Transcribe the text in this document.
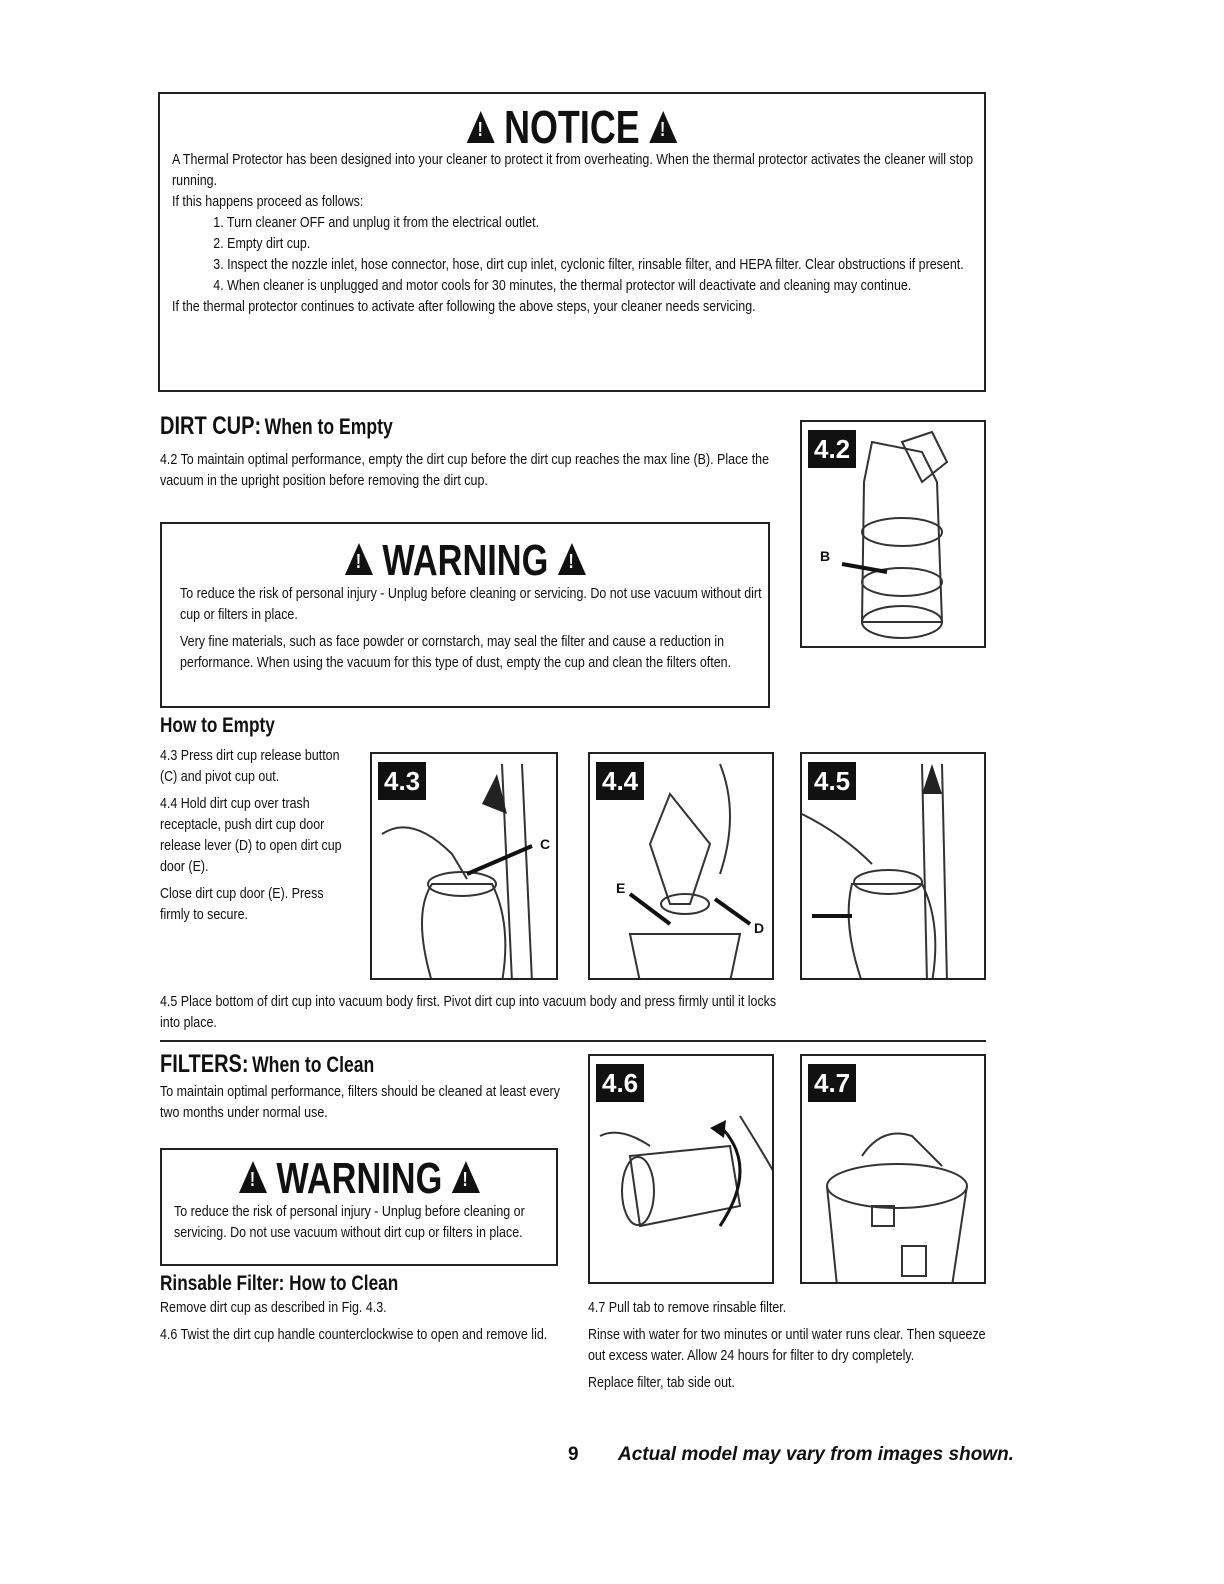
!NOTICE!
A Thermal Protector has been designed into your cleaner to protect it from overheating. When the thermal protector activates the cleaner will stop running.
If this happens proceed as follows:
1. Turn cleaner OFF and unplug it from the electrical outlet.
2. Empty dirt cup.
3. Inspect the nozzle inlet, hose connector, hose, dirt cup inlet, cyclonic filter, rinsable filter, and HEPA filter. Clear obstructions if present.
4. When cleaner is unplugged and motor cools for 30 minutes, the thermal protector will deactivate and cleaning may continue.
If the thermal protector continues to activate after following the above steps, your cleaner needs servicing.
DIRT CUP: When to Empty
4.2 To maintain optimal performance, empty the dirt cup before the dirt cup reaches the max line (B). Place the vacuum in the upright position before removing the dirt cup.
4.2
B
!WARNING!
To reduce the risk of personal injury - Unplug before cleaning or servicing. Do not use vacuum without dirt cup or filters in place.
Very fine materials, such as face powder or cornstarch, may seal the filter and cause a reduction in performance. When using the vacuum for this type of dust, empty the cup and clean the filters often.
How to Empty
4.3 Press dirt cup release button (C) and pivot cup out.
4.4 Hold dirt cup over trash receptacle, push dirt cup door release lever (D) to open dirt cup door (E).
Close dirt cup door (E). Press firmly to secure.
4.3
C
4.4
E
D
4.5
4.5 Place bottom of dirt cup into vacuum body first. Pivot dirt cup into vacuum body and press firmly until it locks into place.
FILTERS: When to Clean
To maintain optimal performance, filters should be cleaned at least every two months under normal use.
!WARNING!
To reduce the risk of personal injury - Unplug before cleaning or servicing. Do not use vacuum without dirt cup or filters in place.
4.6	4.7
Rinsable Filter: How to Clean
Remove dirt cup as described in Fig. 4.3.
4.6 Twist the dirt cup handle counterclockwise to open and remove lid.
4.7 Pull tab to remove rinsable filter.
Rinse with water for two minutes or until water runs clear. Then squeeze out excess water. Allow 24 hours for filter to dry completely.
Replace filter, tab side out.
9 Actual model may vary from images shown.
